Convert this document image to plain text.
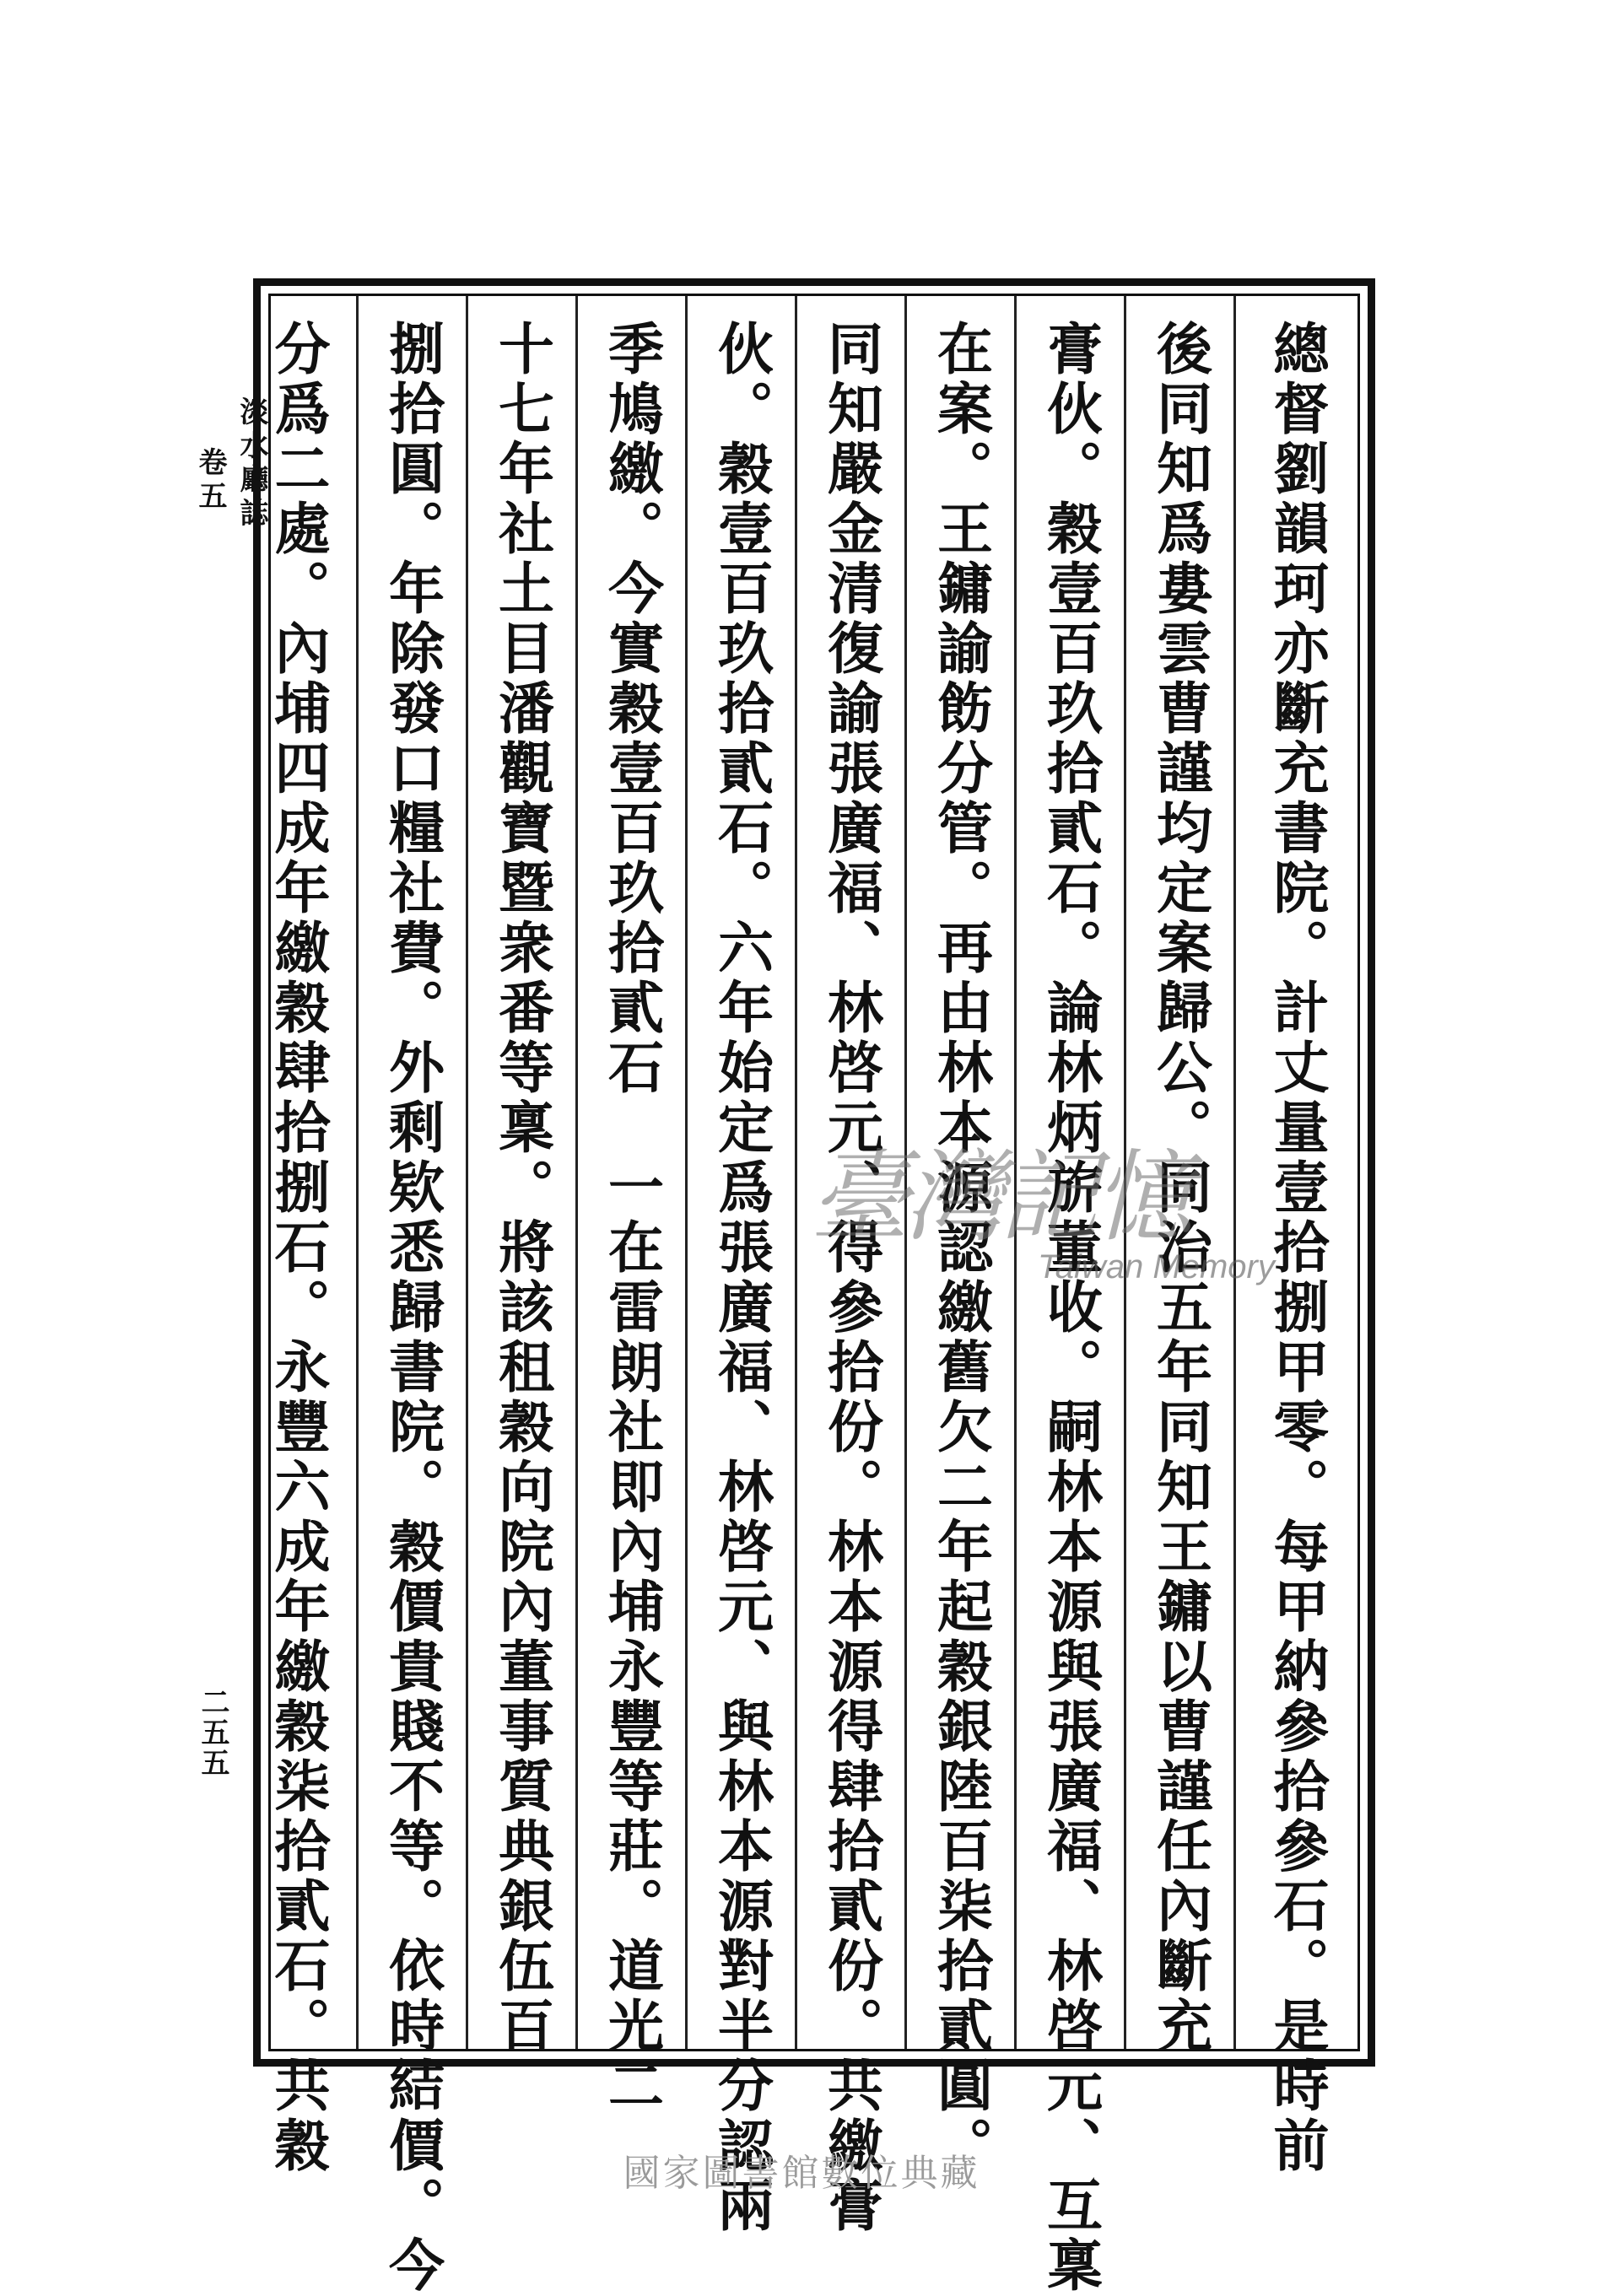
淡水廳誌
卷五
二五五	總督劉韻珂亦斷充書院。計丈量壹拾捌甲零。每甲納參拾參石。是時前
後同知爲婁雲曹謹均定案歸公。同治五年同知王鏞以曹謹任內斷充
膏伙。穀壹百玖拾貳石。論林炳旂董收。嗣林本源與張廣福、林啓元、互稟
在案。王鏞諭飭分管。再由林本源認繳舊欠二年起穀銀陸百柒拾貳圓。
同知嚴金清復諭張廣福、林啓元、得參拾份。林本源得肆拾貳份。共繳膏
伙。穀壹百玖拾貳石。六年始定爲張廣福、林啓元、與林本源對半分認兩
季鳩繳。今實穀壹百玖拾貳石　一在雷朗社即內埔永豐等莊。道光二
十七年社土目潘觀寶暨衆番等稟。將該租穀向院內董事質典銀伍百
捌拾圓。年除發口糧社費。外剩欵悉歸書院。穀價貴賤不等。依時結價。今
分爲二處。內埔四成年繳穀肆拾捌石。永豐六成年繳穀柒拾貳石。共穀	臺灣記憶
Taiwan Memory
國家圖書館數位典藏
